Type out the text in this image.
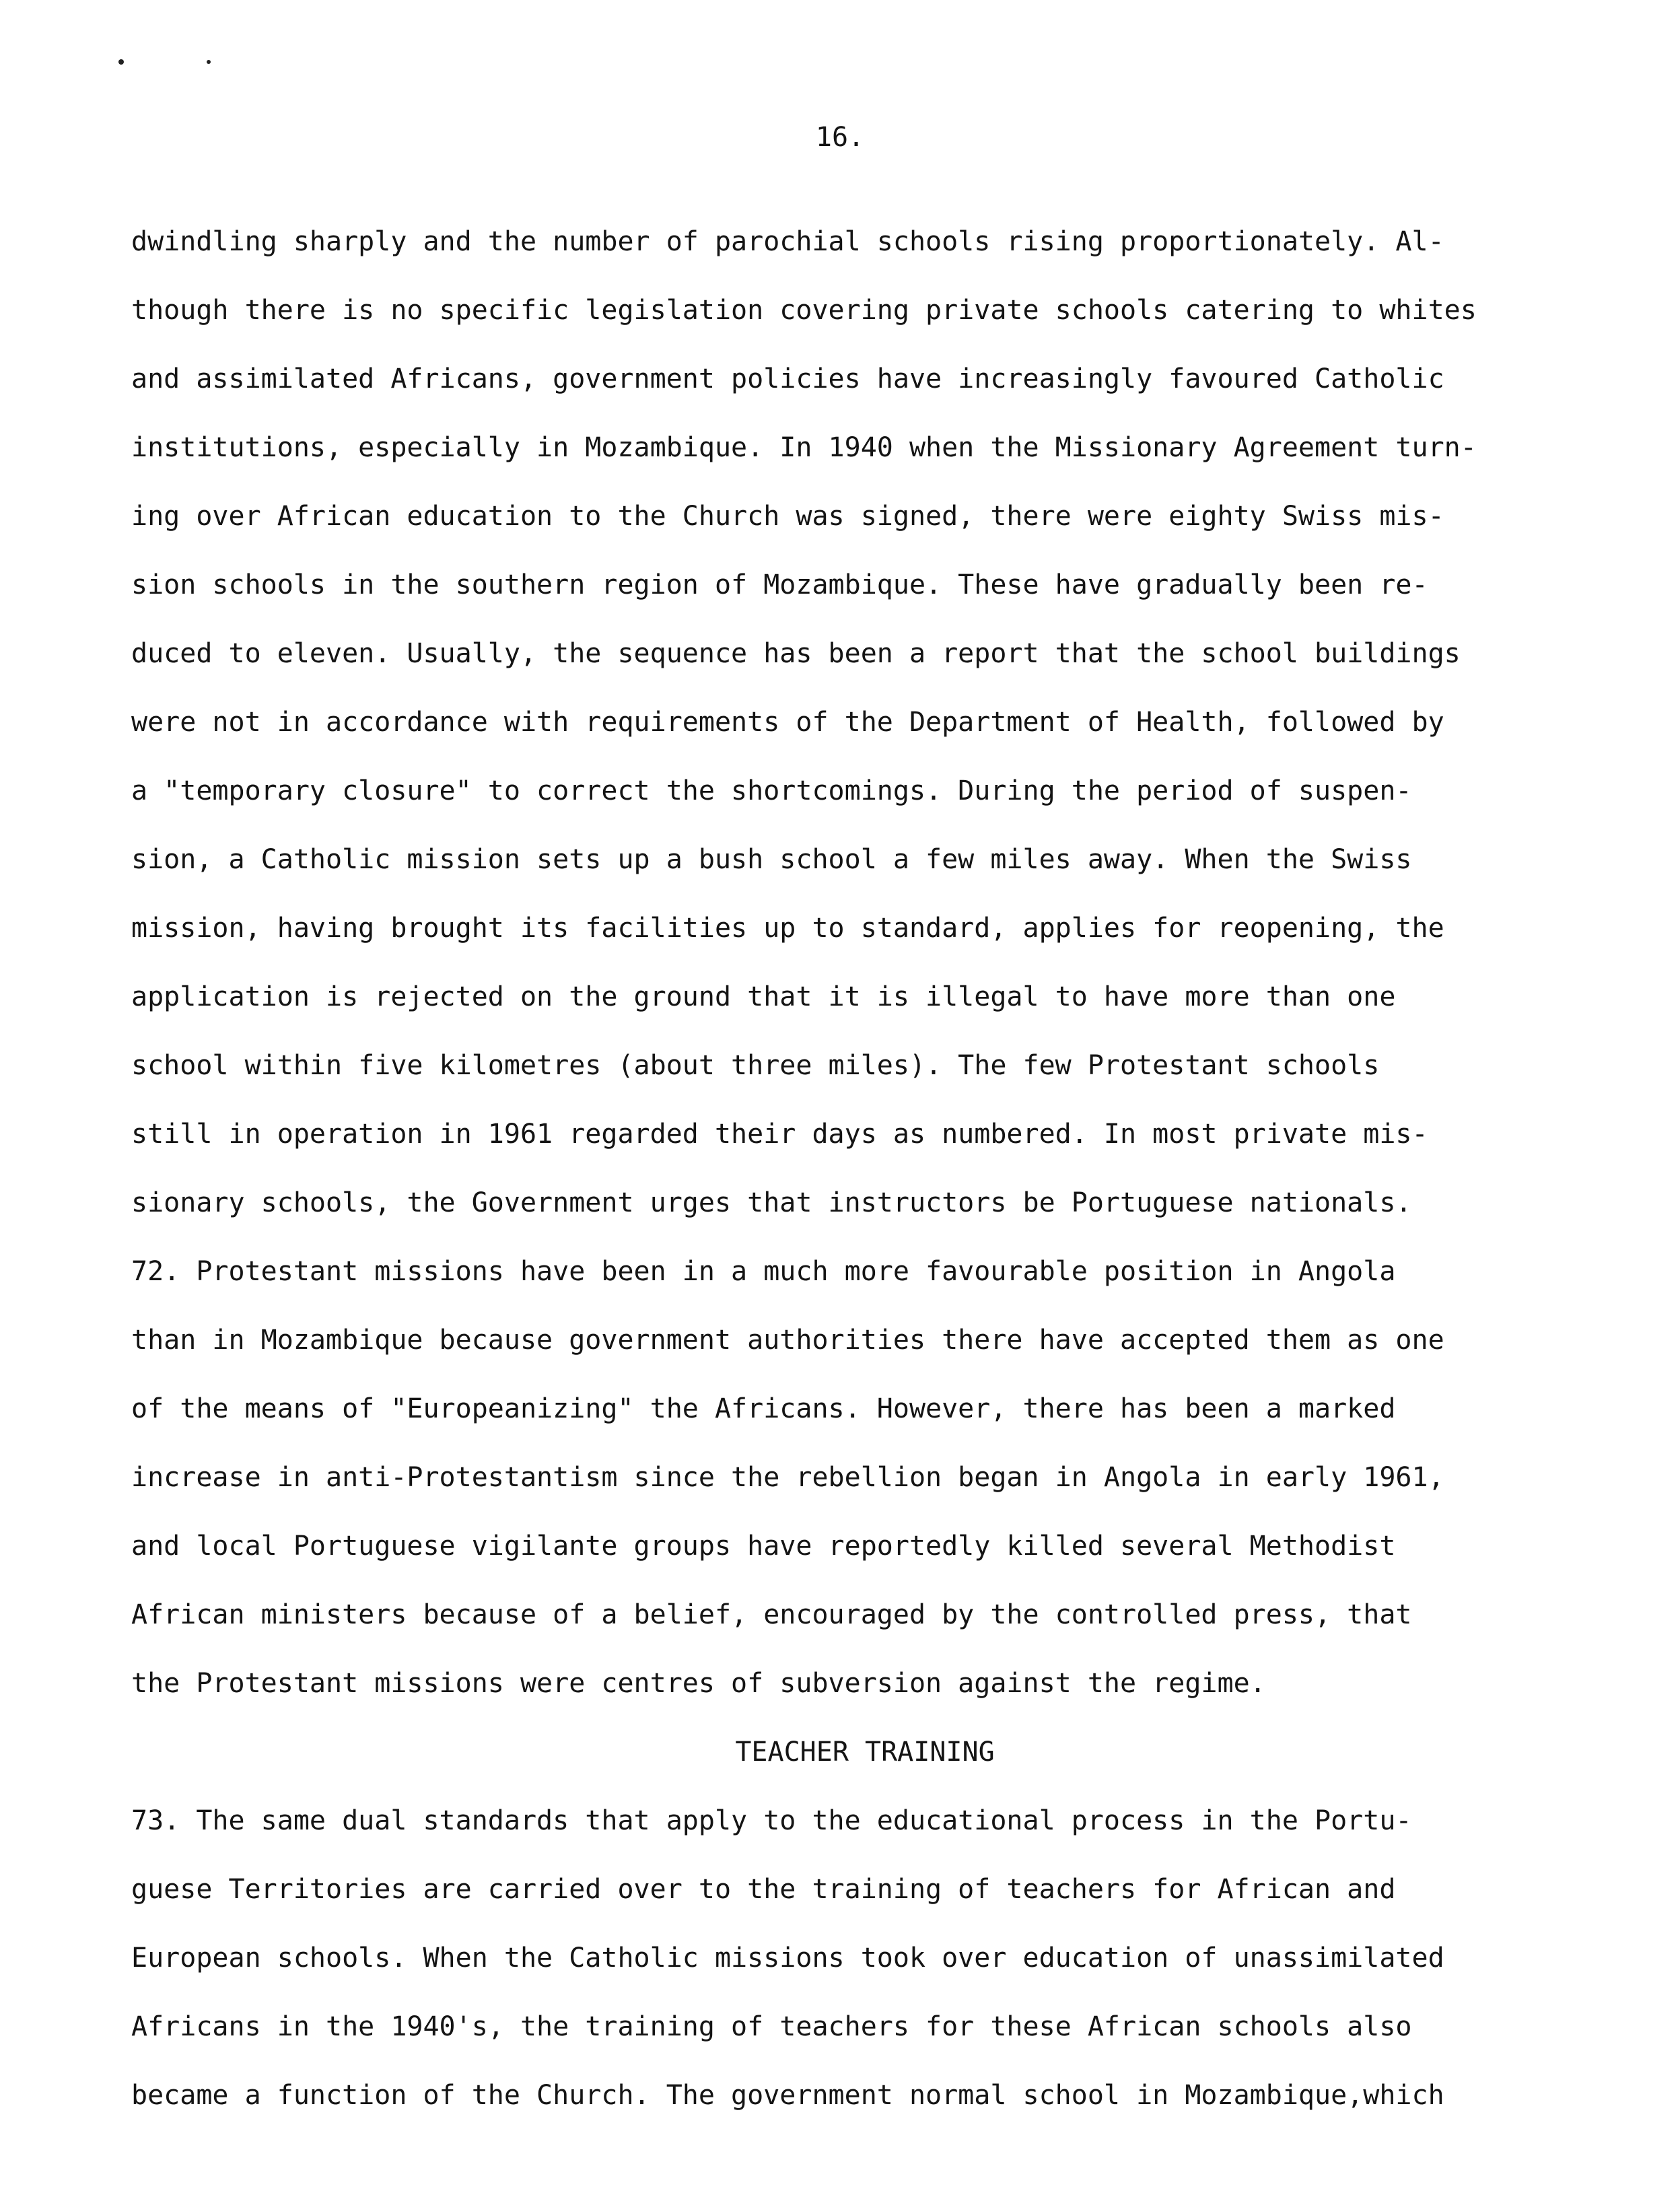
16.
dwindling sharply and the number of parochial schools rising proportionately. Al-
though there is no specific legislation covering private schools catering to whites
and assimilated Africans, government policies have increasingly favoured Catholic
institutions, especially in Mozambique. In 1940 when the Missionary Agreement turn-
ing over African education to the Church was signed, there were eighty Swiss mis-
sion schools in the southern region of Mozambique. These have gradually been re-
duced to eleven. Usually, the sequence has been a report that the school buildings
were not in accordance with requirements of the Department of Health, followed by
a "temporary closure" to correct the shortcomings. During the period of suspen-
sion, a Catholic mission sets up a bush school a few miles away. When the Swiss
mission, having brought its facilities up to standard, applies for reopening, the
application is rejected on the ground that it is illegal to have more than one
school within five kilometres (about three miles). The few Protestant schools
still in operation in 1961 regarded their days as numbered. In most private mis-
sionary schools, the Government urges that instructors be Portuguese nationals.
72. Protestant missions have been in a much more favourable position in Angola
than in Mozambique because government authorities there have accepted them as one
of the means of "Europeanizing" the Africans. However, there has been a marked
increase in anti-Protestantism since the rebellion began in Angola in early 1961,
and local Portuguese vigilante groups have reportedly killed several Methodist
African ministers because of a belief, encouraged by the controlled press, that
the Protestant missions were centres of subversion against the regime.
TEACHER TRAINING
73. The same dual standards that apply to the educational process in the Portu-
guese Territories are carried over to the training of teachers for African and
European schools. When the Catholic missions took over education of unassimilated
Africans in the 1940's, the training of teachers for these African schools also
became a function of the Church. The government normal school in Mozambique,which
